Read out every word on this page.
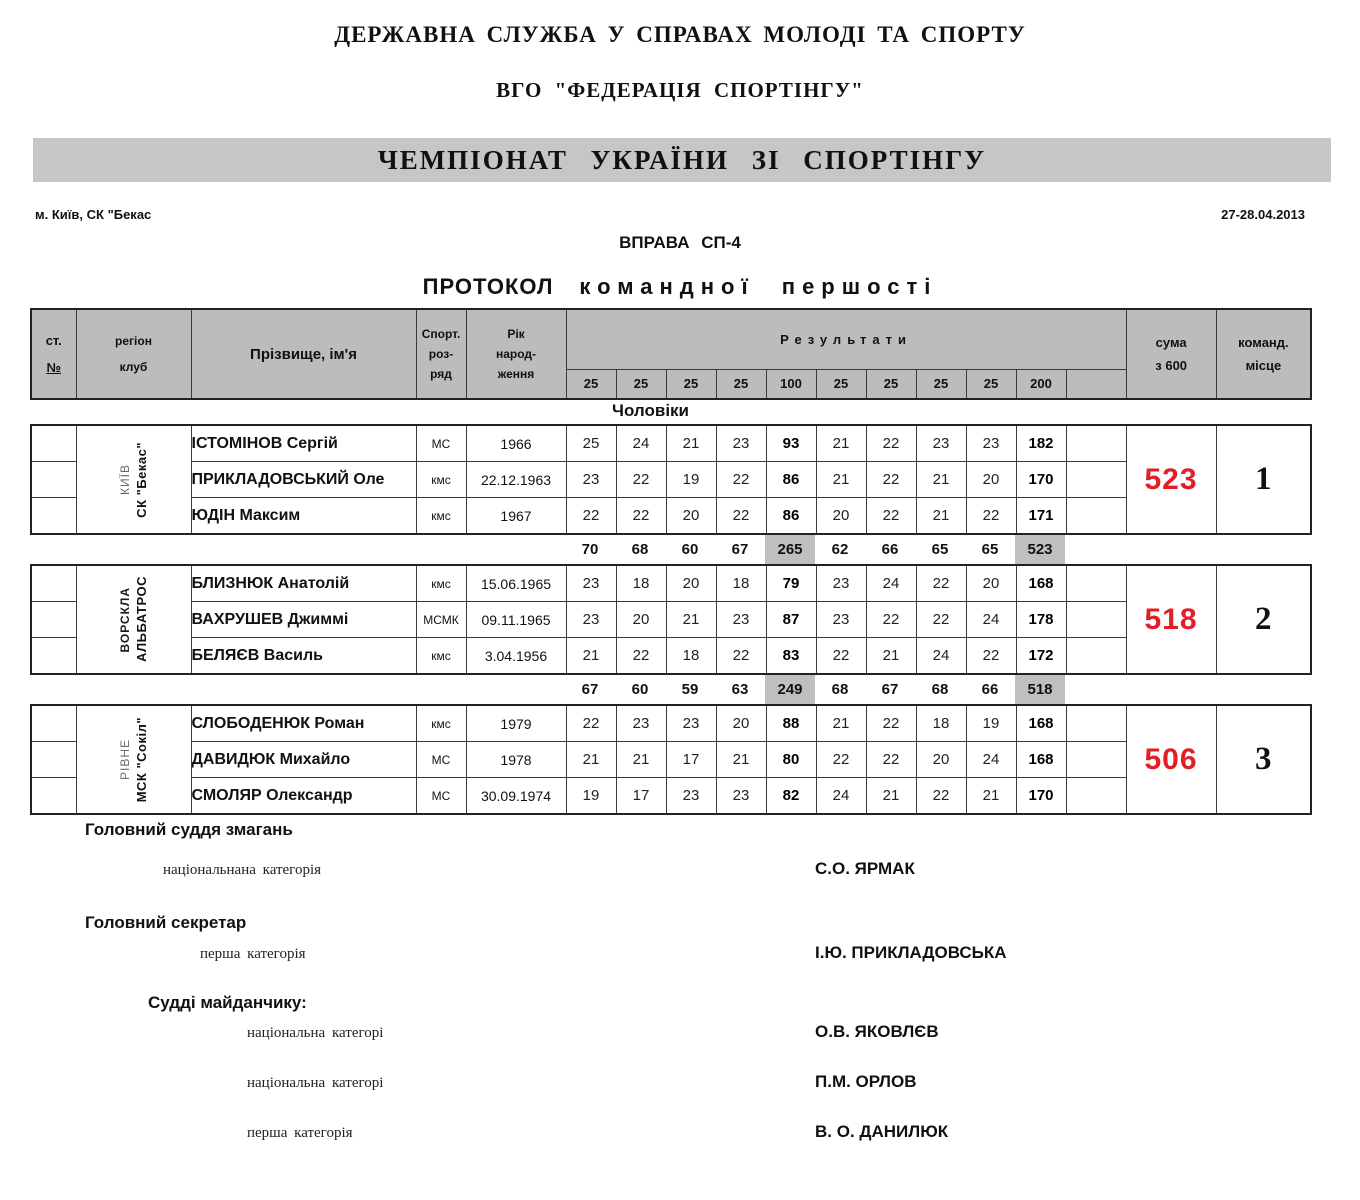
ДЕРЖАВНА СЛУЖБА У СПРАВАХ МОЛОДІ ТА СПОРТУ
ВГО "ФЕДЕРАЦІЯ СПОРТІНГУ"
ЧЕМПІОНАТ УКРАЇНИ ЗІ СПОРТІНГУ
м. Київ, СК "Бекас	27-28.04.2013
ВПРАВА СП-4
ПРОТОКОЛ командної першості
ст.
№	регіон
клуб	Прізвище, ім'я	Спорт.
роз-
ряд	Рік
народ-
ження	Результати											сума
з 600	команд.
місце

					25	25	25	25	100	25	25	25	25	200			
Чоловіки

	КИЇВ СК "Бекас"	ІСТОМІНОВ Сергій	МС	1966	25	24	21	23	93	21	22	23	23	182		523	1
		ПРИКЛАДОВСЬКИЙ Оле	кмс	22.12.1963	23	22	19	22	86	21	22	21	20	170			
		ЮДІН Максим	кмс	1967	22	22	20	22	86	20	22	21	22	171			
	70	68	60	67	265	62	66	65	65	523	

	ВОРСКЛА АЛЬБАТРОС	БЛИЗНЮК Анатолій	кмс	15.06.1965	23	18	20	18	79	23	24	22	20	168		518	2
		ВАХРУШЕВ Джиммі	МСМК	09.11.1965	23	20	21	23	87	23	22	22	24	178			
		БЕЛЯЄВ Василь	кмс	3.04.1956	21	22	18	22	83	22	21	24	22	172			
	67	60	59	63	249	68	67	68	66	518	

	РІВНЕ МСК "Сокіл"	СЛОБОДЕНЮК Роман	кмс	1979	22	23	23	20	88	21	22	18	19	168		506	3
		ДАВИДЮК Михайло	МС	1978	21	21	17	21	80	22	22	20	24	168			
		СМОЛЯР Олександр	МС	30.09.1974	19	17	23	23	82	24	21	22	21	170			
Головний суддя змагань
національнана категорія	С.О. ЯРМАК
Головний секретар
перша категорія	І.Ю. ПРИКЛАДОВСЬКА
Судді майданчику:
національна категорі	О.В. ЯКОВЛЄВ
національна категорі	П.М. ОРЛОВ
перша категорія	В. О. ДАНИЛЮК
